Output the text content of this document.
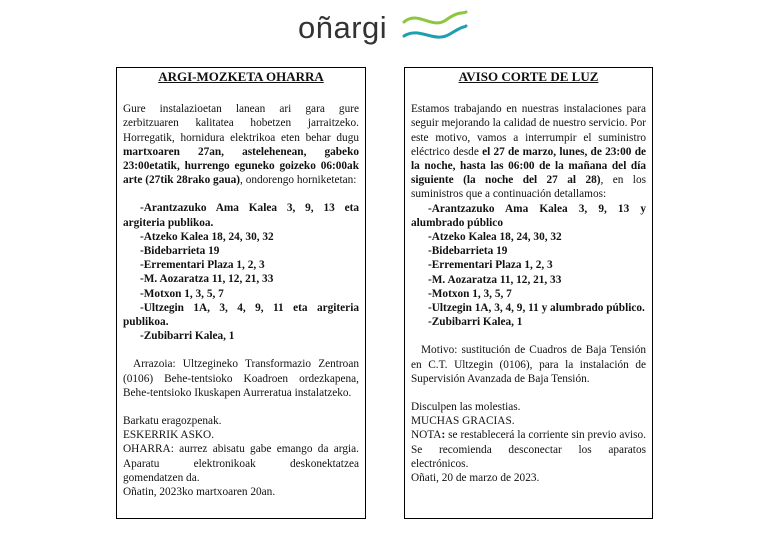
oñargi
ARGI-MOZKETA OHARRA

Gure instalazioetan lanean ari gara gure zerbitzuaren kalitatea hobetzen jarraitzeko. Horregatik, hornidura elektrikoa eten behar dugu martxoaren 27an, astelehenean, gabeko 23:00etatik, hurrengo eguneko goizeko 06:00ak arte (27tik 28rako gaua), ondorengo horniketetan:

-Arantzazuko Ama Kalea 3, 9, 13 eta argiteria publikoa.
-Atzeko Kalea 18, 24, 30, 32
-Bidebarrieta 19
-Errementari Plaza 1, 2, 3
-M. Aozaratza 11, 12, 21, 33
-Motxon 1, 3, 5, 7
-Ultzegin 1A, 3, 4, 9, 11 eta argiteria publikoa.
-Zubibarri Kalea, 1

Arrazoia: Ultzegineko Transformazio Zentroan (0106) Behe-tentsioko Koadroen ordezkapena, Behe-tentsioko Ikuskapen Aurreratua instalatzeko.

Barkatu eragozpenak.

ESKERRIK ASKO.

OHARRA: aurrez abisatu gabe emango da argia. Aparatu elektronikoak deskonektatzea gomendatzen da.

Oñatin, 2023ko martxoaren 20an.

AVISO CORTE DE LUZ

Estamos trabajando en nuestras instalaciones para seguir mejorando la calidad de nuestro servicio. Por este motivo, vamos a interrumpir el suministro eléctrico desde el 27 de marzo, lunes, de 23:00 de la noche, hasta las 06:00 de la mañana del día siguiente (la noche del 27 al 28), en los suministros que a continuación detallamos:

-Arantzazuko Ama Kalea 3, 9, 13 y alumbrado público
-Atzeko Kalea 18, 24, 30, 32
-Bidebarrieta 19
-Errementari Plaza 1, 2, 3
-M. Aozaratza 11, 12, 21, 33
-Motxon 1, 3, 5, 7
-Ultzegin 1A, 3, 4, 9, 11 y alumbrado público.
-Zubibarri Kalea, 1

Motivo: sustitución de Cuadros de Baja Tensión en C.T. Ultzegin (0106), para la instalación de Supervisión Avanzada de Baja Tensión.

Disculpen las molestias.

MUCHAS GRACIAS.

NOTA: se restablecerá la corriente sin previo aviso. Se recomienda desconectar los aparatos electrónicos.

Oñati, 20 de marzo de 2023.
